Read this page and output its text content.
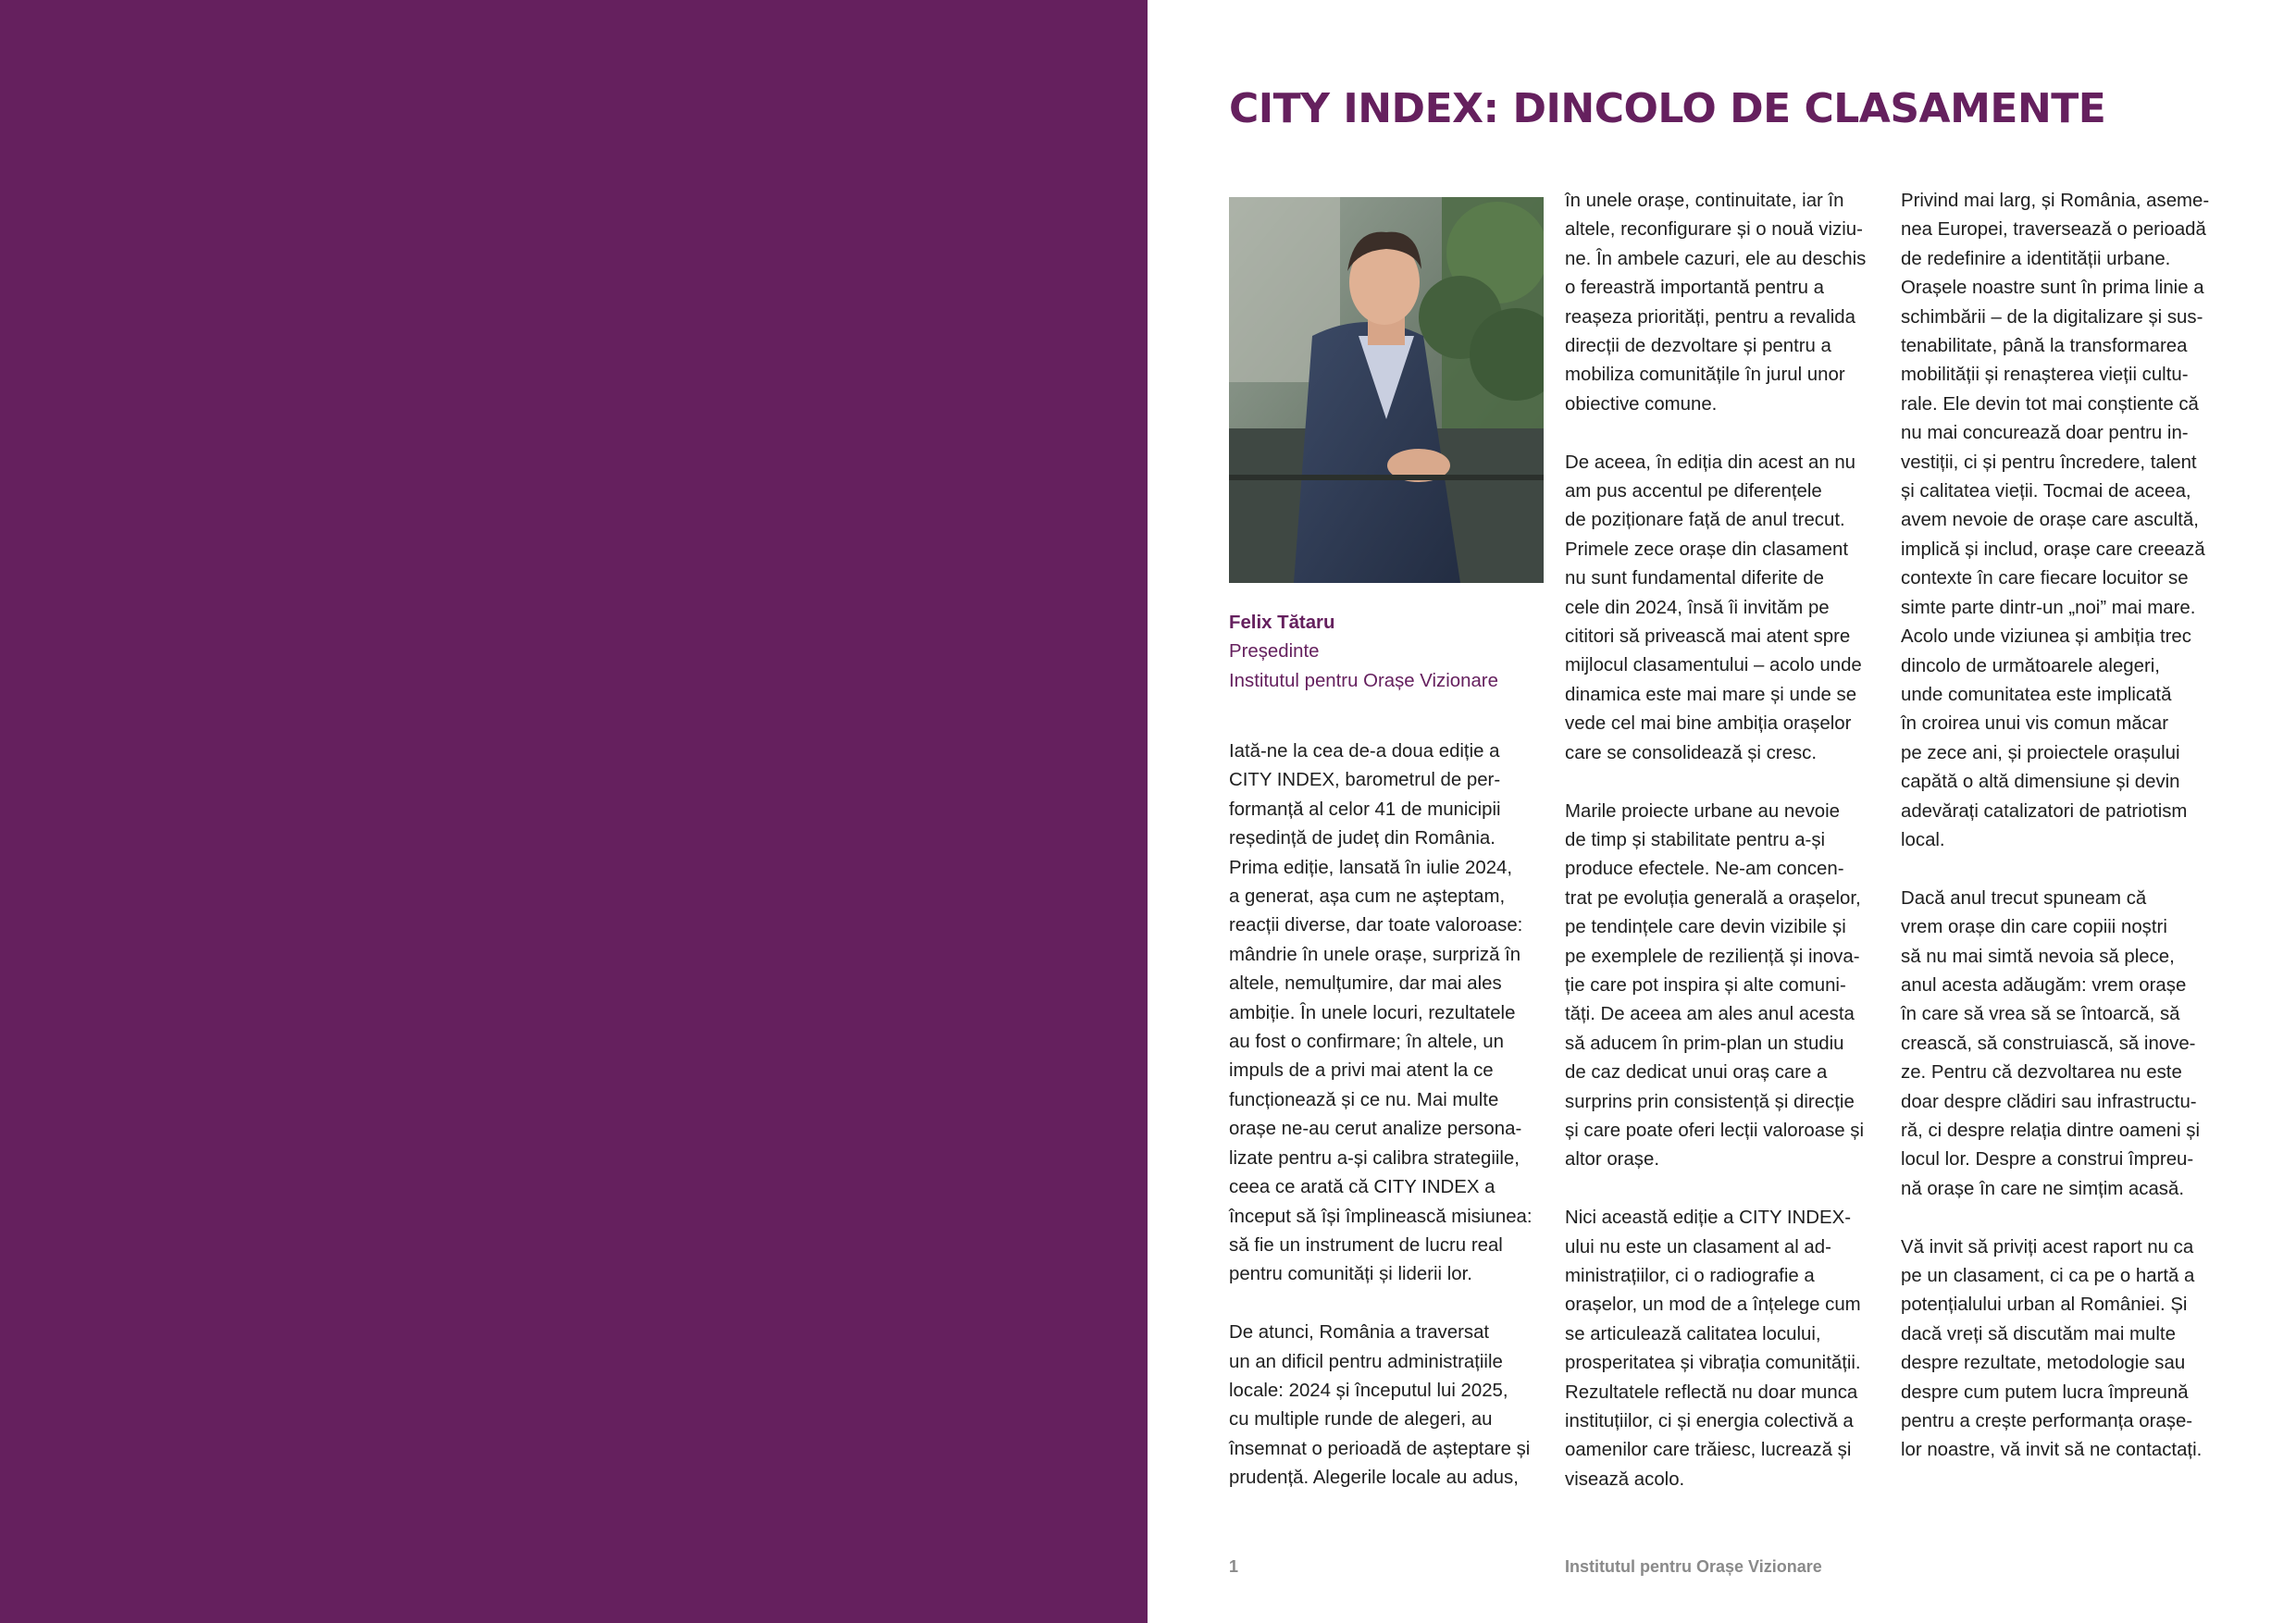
CITY INDEX: DINCOLO DE CLASAMENTE
Felix Tătaru
Președinte
Institutul pentru Orașe Vizionare

Iată-ne la cea de-a doua ediție a
CITY INDEX, barometrul de per-
formanță al celor 41 de municipii
reședință de județ din România.
Prima ediție, lansată în iulie 2024,
a generat, așa cum ne așteptam,
reacții diverse, dar toate valoroase:
mândrie în unele orașe, surpriză în
altele, nemulțumire, dar mai ales
ambiție. În unele locuri, rezultatele
au fost o confirmare; în altele, un
impuls de a privi mai atent la ce
funcționează și ce nu. Mai multe
orașe ne-au cerut analize persona-
lizate pentru a-și calibra strategiile,
ceea ce arată că CITY INDEX a
început să își împlinească misiunea:
să fie un instrument de lucru real
pentru comunități și liderii lor.

De atunci, România a traversat
un an dificil pentru administrațiile
locale: 2024 și începutul lui 2025,
cu multiple runde de alegeri, au
însemnat o perioadă de așteptare și
prudență. Alegerile locale au adus,

în unele orașe, continuitate, iar în
altele, reconfigurare și o nouă viziu-
ne. În ambele cazuri, ele au deschis
o fereastră importantă pentru a
reașeza priorități, pentru a revalida
direcții de dezvoltare și pentru a
mobiliza comunitățile în jurul unor
obiective comune.

De aceea, în ediția din acest an nu
am pus accentul pe diferențele
de poziționare față de anul trecut.
Primele zece orașe din clasament
nu sunt fundamental diferite de
cele din 2024, însă îi invităm pe
cititori să privească mai atent spre
mijlocul clasamentului – acolo unde
dinamica este mai mare și unde se
vede cel mai bine ambiția orașelor
care se consolidează și cresc.

Marile proiecte urbane au nevoie
de timp și stabilitate pentru a-și
produce efectele. Ne-am concen-
trat pe evoluția generală a orașelor,
pe tendințele care devin vizibile și
pe exemplele de reziliență și inova-
ție care pot inspira și alte comuni-
tăți. De aceea am ales anul acesta
să aducem în prim-plan un studiu
de caz dedicat unui oraș care a
surprins prin consistență și direcție
și care poate oferi lecții valoroase și
altor orașe.

Nici această ediție a CITY INDEX-
ului nu este un clasament al ad-
ministrațiilor, ci o radiografie a
orașelor, un mod de a înțelege cum
se articulează calitatea locului,
prosperitatea și vibrația comunității.
Rezultatele reflectă nu doar munca
instituțiilor, ci și energia colectivă a
oamenilor care trăiesc, lucrează și
visează acolo.

Privind mai larg, și România, aseme-
nea Europei, traversează o perioadă
de redefinire a identității urbane.
Orașele noastre sunt în prima linie a
schimbării – de la digitalizare și sus-
tenabilitate, până la transformarea
mobilității și renașterea vieții cultu-
rale. Ele devin tot mai conștiente că
nu mai concurează doar pentru in-
vestiții, ci și pentru încredere, talent
și calitatea vieții. Tocmai de aceea,
avem nevoie de orașe care ascultă,
implică și includ, orașe care creează
contexte în care fiecare locuitor se
simte parte dintr-un „noi” mai mare.
Acolo unde viziunea și ambiția trec
dincolo de următoarele alegeri,
unde comunitatea este implicată
în croirea unui vis comun măcar
pe zece ani, și proiectele orașului
capătă o altă dimensiune și devin
adevărați catalizatori de patriotism
local.

Dacă anul trecut spuneam că
vrem orașe din care copiii noștri
să nu mai simtă nevoia să plece,
anul acesta adăugăm: vrem orașe
în care să vrea să se întoarcă, să
crească, să construiască, să inove-
ze. Pentru că dezvoltarea nu este
doar despre clădiri sau infrastructu-
ră, ci despre relația dintre oameni și
locul lor. Despre a construi împreu-
nă orașe în care ne simțim acasă.

Vă invit să priviți acest raport nu ca
pe un clasament, ci ca pe o hartă a
potențialului urban al României. Și
dacă vreți să discutăm mai multe
despre rezultate, metodologie sau
despre cum putem lucra împreună
pentru a crește performanța orașe-
lor noastre, vă invit să ne contactați.

1	Institutul pentru Orașe Vizionare
